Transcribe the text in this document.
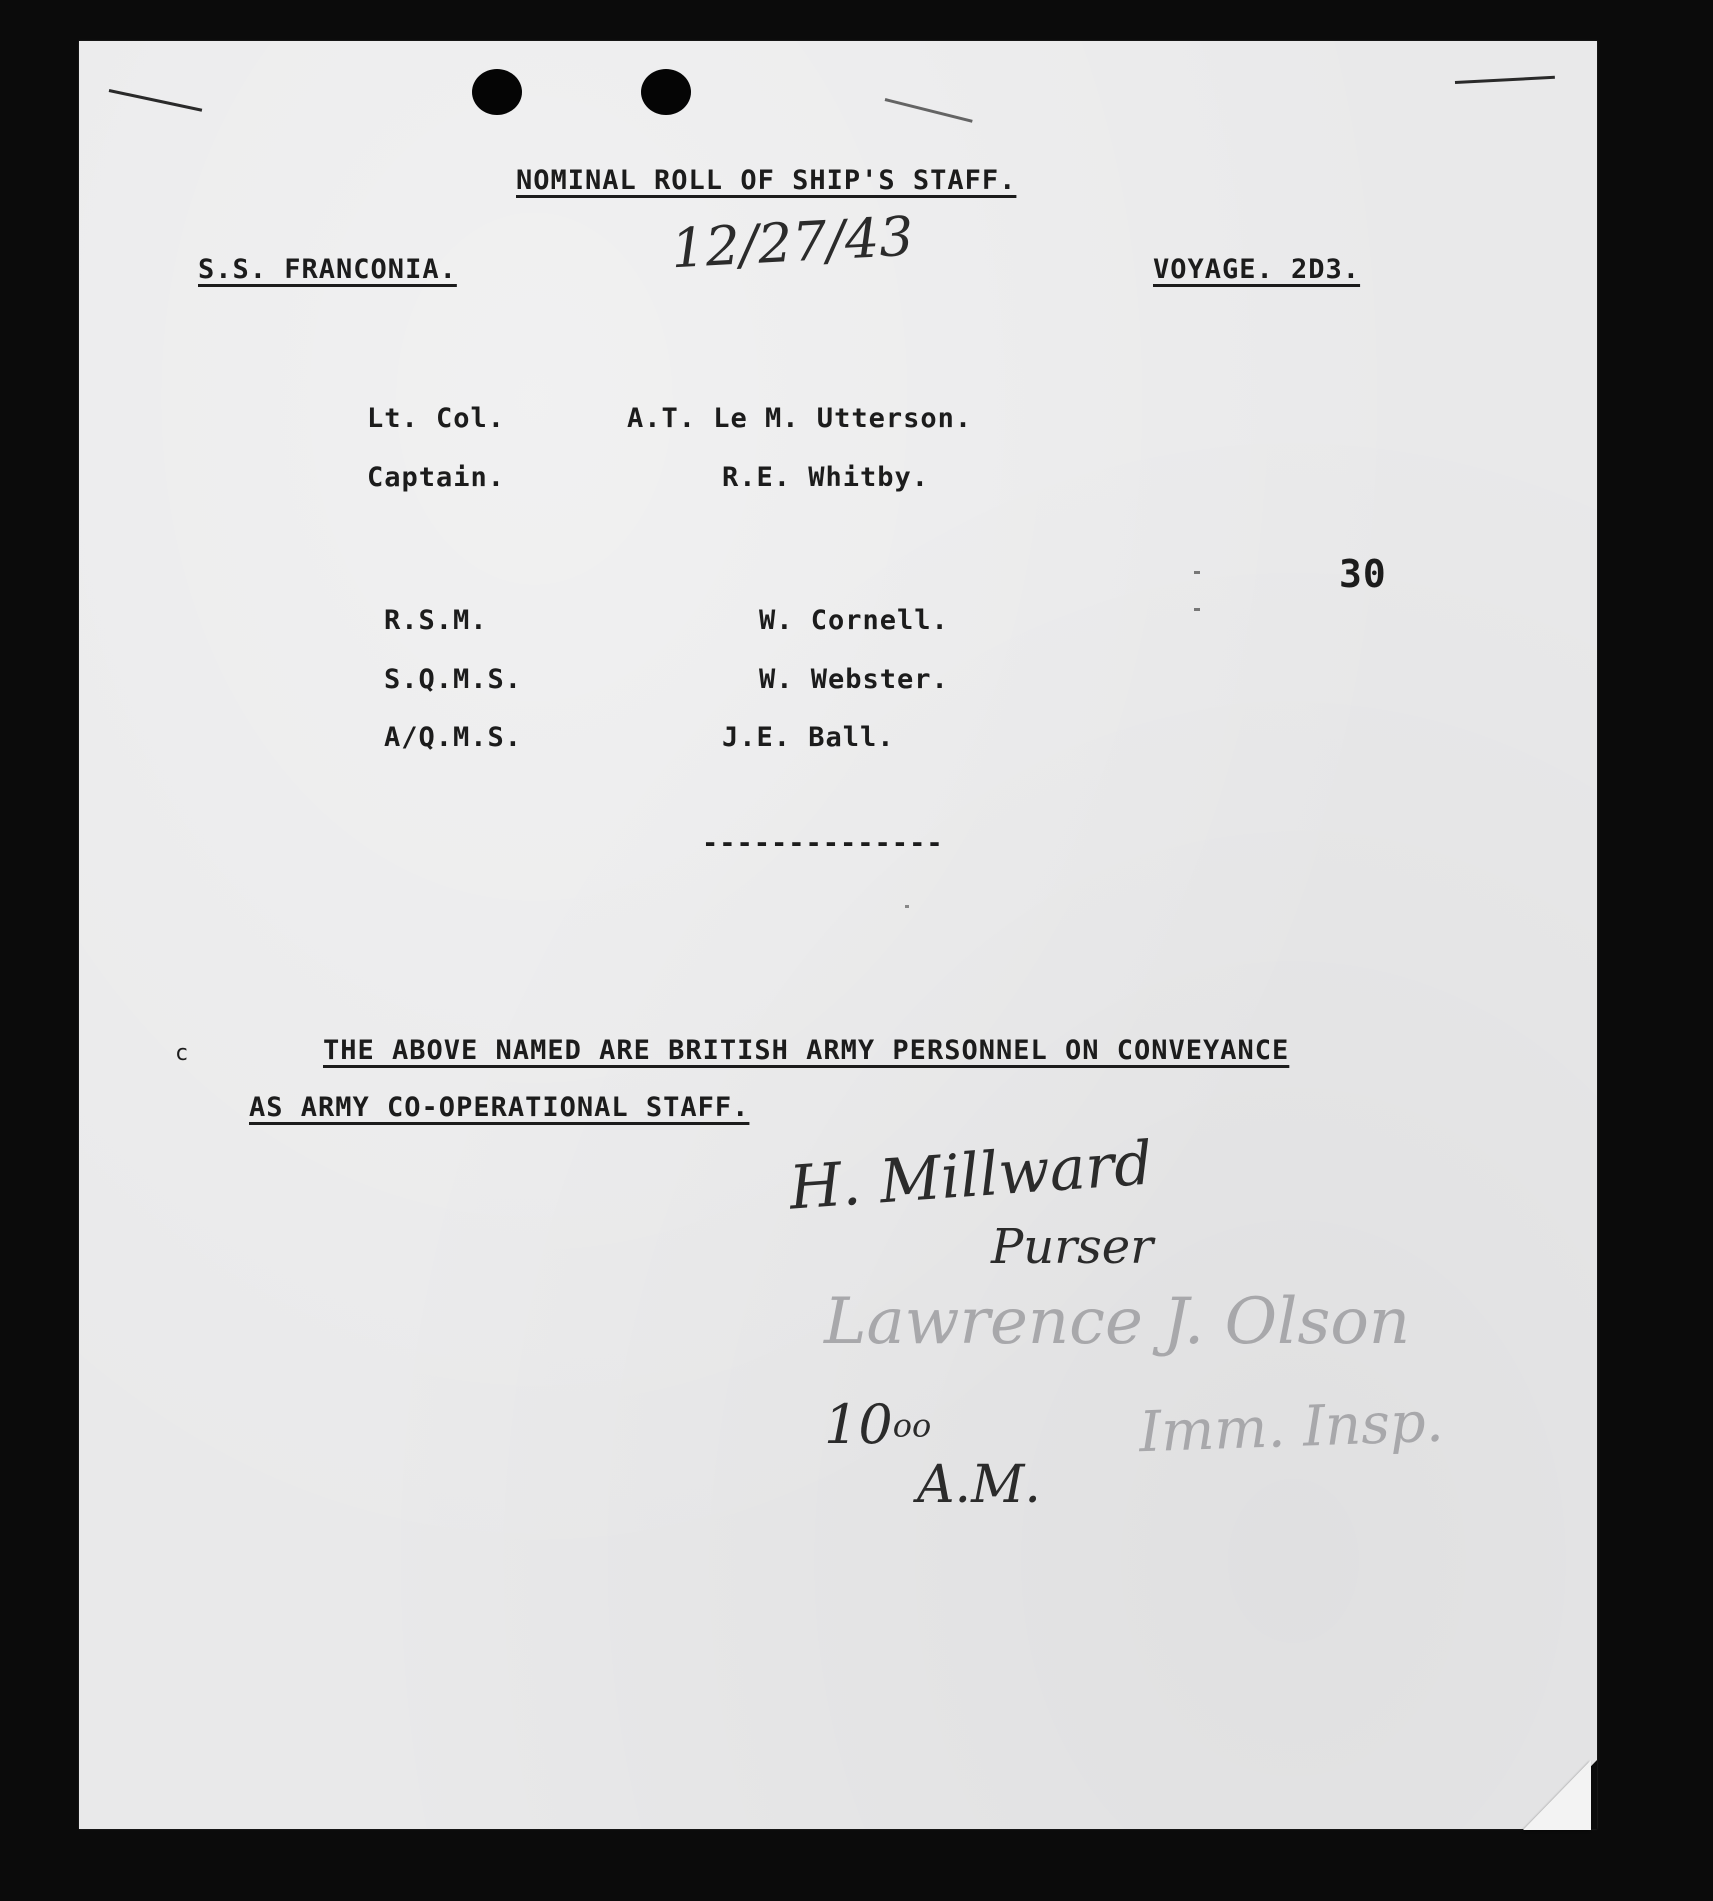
NOMINAL ROLL OF SHIP'S STAFF.
S.S. FRANCONIA.	12/27/43	VOYAGE. 2D3.
Lt. Col.	A.T. Le M. Utterson.
Captain.	R.E. Whitby.
30
R.S.M.	W. Cornell.
S.Q.M.S.	W. Webster.
A/Q.M.S.	J.E. Ball.
--------------
c	THE ABOVE NAMED ARE BRITISH ARMY PERSONNEL ON CONVEYANCE
AS ARMY CO-OPERATIONAL STAFF.
H. Millward
Purser
Lawrence J. Olson
Imm. Insp.
$10^{oo}$
A.M.
